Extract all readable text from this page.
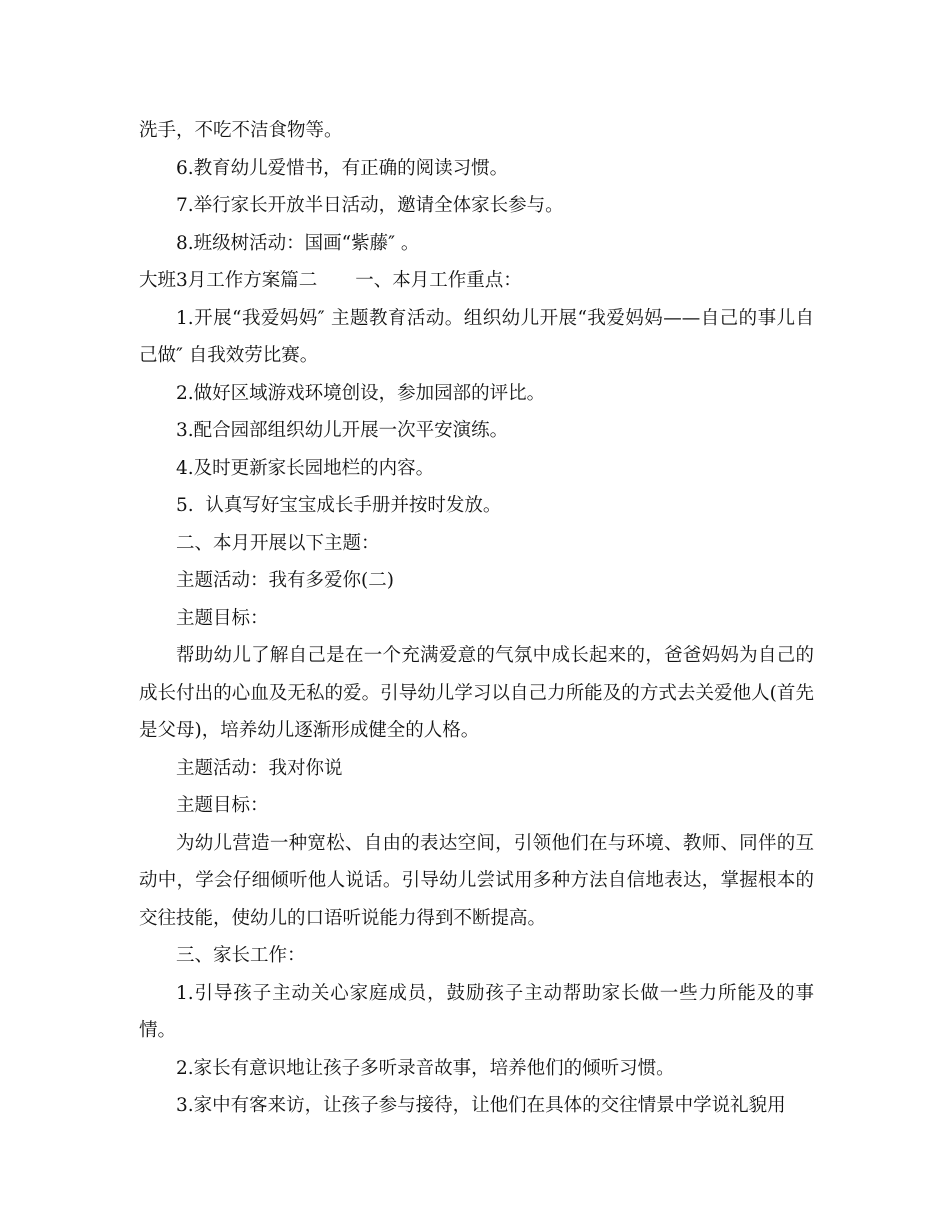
洗手，不吃不洁食物等。
6.教育幼儿爱惜书，有正确的阅读习惯。
7.举行家长开放半日活动，邀请全体家长参与。
8.班级树活动：国画“紫藤″ 。
大班3月工作方案篇二 一、本月工作重点：
1.开展“我爱妈妈″ 主题教育活动。组织幼儿开展“我爱妈妈——自己的事儿自己做″ 自我效劳比赛。
2.做好区域游戏环境创设，参加园部的评比。
3.配合园部组织幼儿开展一次平安演练。
4.及时更新家长园地栏的内容。
5.  认真写好宝宝成长手册并按时发放。
二、本月开展以下主题：
主题活动：我有多爱你(二)
主题目标：
帮助幼儿了解自己是在一个充满爱意的气氛中成长起来的，爸爸妈妈为自己的成长付出的心血及无私的爱。引导幼儿学习以自己力所能及的方式去关爱他人(首先是父母)，培养幼儿逐渐形成健全的人格。
主题活动：我对你说
主题目标：
为幼儿营造一种宽松、自由的表达空间，引领他们在与环境、教师、同伴的互动中，学会仔细倾听他人说话。引导幼儿尝试用多种方法自信地表达，掌握根本的交往技能，使幼儿的口语听说能力得到不断提高。
三、家长工作：
1.引导孩子主动关心家庭成员，鼓励孩子主动帮助家长做一些力所能及的事情。
2.家长有意识地让孩子多听录音故事，培养他们的倾听习惯。
3.家中有客来访，让孩子参与接待，让他们在具体的交往情景中学说礼貌用
